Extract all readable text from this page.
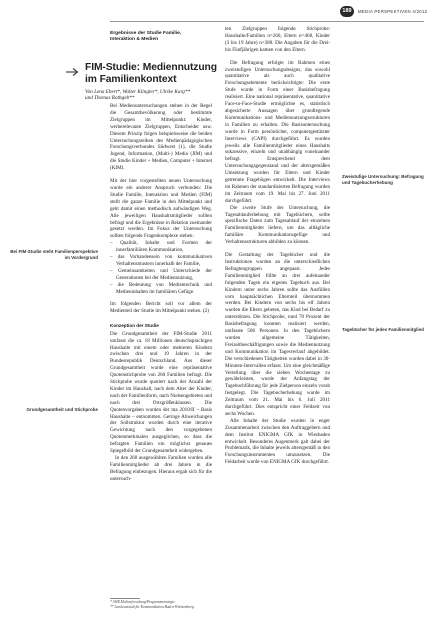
189	MEDIA PERSPEKTIVEN 4/2012
Ergebnisse der Studie Familie,
Interaktion & Medien
FIM-Studie: Mediennutzung
im Familienkontext
Von Lena Ebert*, Walter Klingler*, Ulrike Karg**
und Thomas Rathgeb**
Bei FIM-Studie steht Familienperspektive im Vordergrund
Grundgesamtheit und Stichprobe
Zweistufige Untersuchung: Befragung und Tagebucherhebung
Tagebücher für jedes Familienmitglied

Bei Medienuntersuchungen stehen in der Regel die Gesamtbevölkerung oder bestimmte Zielgruppen im Mittelpunkt: Kinder, werberelevante Zielgruppen, Entscheider usw. Diesem Prinzip folgen beispielsweise die beiden Untersuchungsreihen des Medienpädagogischen Forschungsverbundes Südwest (1), die Studie Jugend, Information, (Multi-) Media (JIM) und die Studie Kinder + Medien, Computer + Internet (KIM).

Mit der hier vorgestellten neuen Untersuchung wurde ein anderer Anspruch verbunden: Die Studie Familie, Interaktion und Medien (FIM) stellt die ganze Familie in den Mittelpunkt und geht damit einen methodisch aufwändigen Weg. Alle jeweiligen Haushaltsmitglieder sollten befragt und die Ergebnisse in Relation zueinander gesetzt werden. Im Fokus der Untersuchung sollten folgende Fragenkomplexe stehen:

– Qualität, Inhalte und Formen der innerfamiliären Kommunikation,
– das Vorhandensein von kommunikativen Verhaltensmustern innerhalb der Familie,
– Gemeinsamkeiten und Unterschiede der Generationen bei der Mediennutzung,
– die Bedeutung von Medientechnik und Medieninhalten im familiären Gefüge.

Im folgenden Bericht soll vor allem der Medienteil der Studie im Mittelpunkt stehen. (2)

Konzeption der Studie

Die Grundgesamtheit der FIM-Studie 2011 umfasst die ca. 18 Millionen deutschsprachigen Haushalte mit einem oder mehreren Kindern zwischen drei und 19 Jahren in der Bundesrepublik Deutschland. Aus dieser Grundgesamtheit wurde eine repräsentative Quotenstichprobe von 260 Familien befragt. Die Stichprobe wurde quotiert nach der Anzahl der Kinder im Haushalt, nach dem Alter der Kinder, nach der Familienform, nach Nielsengebieten und nach drei Ortsgrößenklassen. Die Quotenvorgaben wurden der ma 2010/II – Basis Haushalte – entnommen. Geringe Abweichungen der Sollstruktur wurden durch eine iterative Gewichtung nach den vorgegebenen Quotenmerkmalen ausgeglichen, so dass die befragten Familien ein möglichst genaues Spiegelbild der Grundgesamtheit widergeben.

In den 260 ausgewählten Familien wurden alle Familienmitglieder ab drei Jahren in die Befragung einbezogen. Hieraus ergab sich für die untersuch-

ten Zielgruppen folgende Stichprobe: Haushalte/Familien n=260, Eltern n=468, Kinder (3 bis 19 Jahre) n=388. Die Angaben für die Drei- bis Fünfjährigen kamen von den Eltern.

Die Befragung erfolgte im Rahmen eines zweistufigen Untersuchungsdesigns, das sowohl quantitative als auch qualitative Forschungselemente berücksichtigte: Die erste Stufe wurde in Form einer Basisbefragung realisiert. Eine national repräsentative, quantitative Face-to-Face-Studie ermöglichte es, statistisch abgesicherte Aussagen über grundlegende Kommunikations- und Mediennutzungsstrukturen in Familien zu erhalten. Die Basisuntersuchung wurde in Form persönlicher, computergestützter Interviews (CAPI) durchgeführt. Es wurden jeweils alle Familienmitglieder eines Haushalts sukzessive, einzeln und unabhängig voneinander befragt. Entsprechend dem Untersuchungsgegenstand und der altersgemäßen Umsetzung wurden für Eltern und Kinder getrennte Fragebögen entwickelt. Die Interviews im Rahmen der standardisierten Befragung wurden im Zeitraum vom 19. Mai bis 27. Juni 2011 durchgeführt.

Die zweite Stufe der Untersuchung, die Tagesablauferhebung mit Tagebüchern, sollte spezifische Daten zum Tagesablauf der einzelnen Familienmitglieder liefern, um das alltägliche familiäre Kommunikationsgefüge und Verhaltensstrukturen abbilden zu können.

Die Gestaltung der Tagebücher und die Instruktionen wurden an die unterschiedlichen Befragtengruppen angepasst. Jedes Familienmitglied füllte an drei aufeinander folgenden Tagen ein eigenes Tagebuch aus. Bei Kindern unter sechs Jahren sollte das Ausfüllen vom hauptsächlichen Elternteil übernommen werden. Bei Kindern von sechs bis elf Jahren wurden die Eltern gebeten, das Kind bei Bedarf zu unterstützen. Die Stichprobe, rund 70 Prozent der Basisbefragung konnten realisiert werden, umfasste 586 Personen. In den Tagebüchern wurden allgemeine Tätigkeiten, Freizeitbeschäftigungen sowie die Mediennutzung und Kommunikation im Tagesverlauf abgebildet. Die verschiedenen Tätigkeiten wurden dabei in 30-Minuten-Intervallen erfasst. Um eine gleichmäßige Verteilung über die sieben Wochentage zu gewährleisten, wurde der Anfangstag der Tagebuchführung für jede Zielperson einzeln vorab festgelegt. Die Tagebucherhebung wurde im Zeitraum vom 21. Mai bis 6. Juli 2011 durchgeführt. Dies entspricht einer Feldzeit von sechs Wochen.

Alle Inhalte der Studie wurden in enger Zusammenarbeit zwischen den Auftraggebern und dem Institut ENIGMA GfK in Wiesbaden entwickelt. Besonderes Augenmerk galt dabei der Problematik, die Inhalte jeweils altersgemäß in den Forschungsinstrumenten umzusetzen. Die Feldarbeit wurde von ENIGMA GfK durchgeführt.

* SWR Medienforschung/Programmstrategie.
** Landesanstalt für Kommunikation Baden-Württemberg.
